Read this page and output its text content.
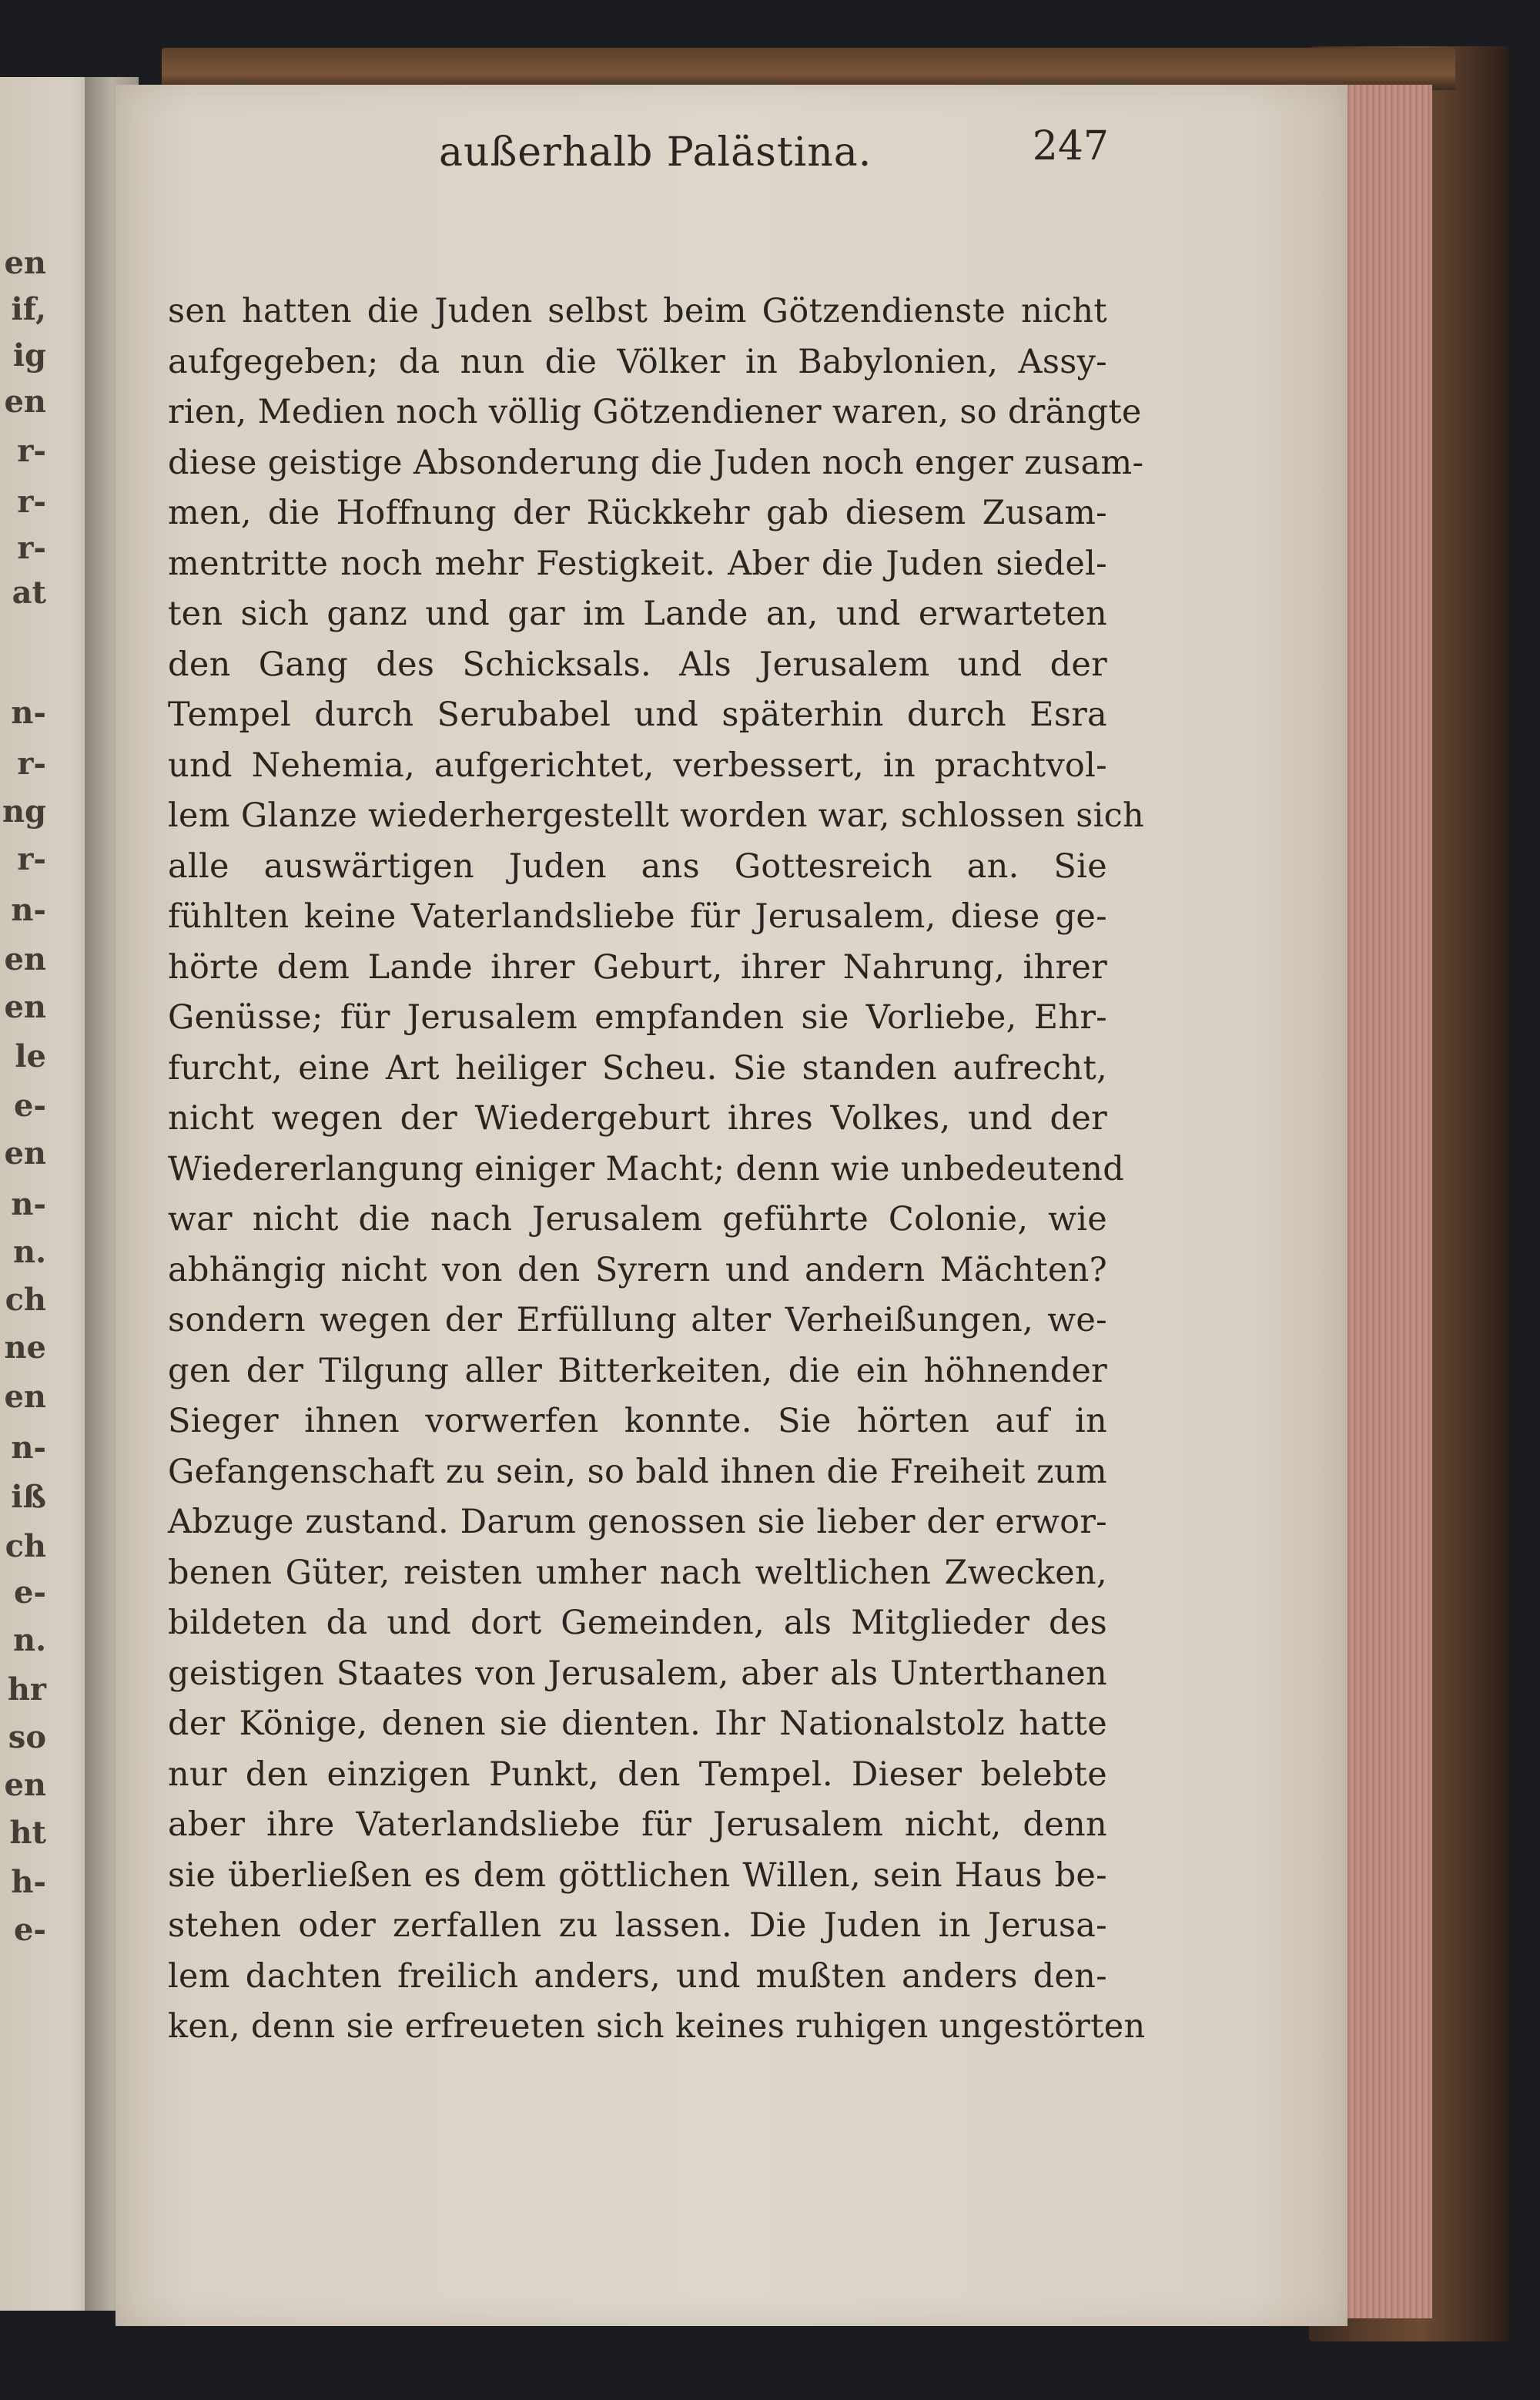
en
if,
ig
en
r-
r-
r-
at
n-
r-
ng
r-
n-
en
en
le
e-
en
n-
n.
ch
ne
en
n-
iß
ch
e-
n.
hr
so
en
ht
h-
e-
außerhalb Palästina.	247
sen hatten die Juden selbst beim Götzendienste nicht
aufgegeben; da nun die Völker in Babylonien, Assy-
rien, Medien noch völlig Götzendiener waren, so drängte
diese geistige Absonderung die Juden noch enger zusam-
men, die Hoffnung der Rückkehr gab diesem Zusam-
mentritte noch mehr Festigkeit. Aber die Juden siedel-
ten sich ganz und gar im Lande an, und erwarteten
den Gang des Schicksals. Als Jerusalem und der
Tempel durch Serubabel und späterhin durch Esra
und Nehemia, aufgerichtet, verbessert, in prachtvol-
lem Glanze wiederhergestellt worden war, schlossen sich
alle auswärtigen Juden ans Gottesreich an. Sie
fühlten keine Vaterlandsliebe für Jerusalem, diese ge-
hörte dem Lande ihrer Geburt, ihrer Nahrung, ihrer
Genüsse; für Jerusalem empfanden sie Vorliebe, Ehr-
furcht, eine Art heiliger Scheu. Sie standen aufrecht,
nicht wegen der Wiedergeburt ihres Volkes, und der
Wiedererlangung einiger Macht; denn wie unbedeutend
war nicht die nach Jerusalem geführte Colonie, wie
abhängig nicht von den Syrern und andern Mächten?
sondern wegen der Erfüllung alter Verheißungen, we-
gen der Tilgung aller Bitterkeiten, die ein höhnender
Sieger ihnen vorwerfen konnte. Sie hörten auf in
Gefangenschaft zu sein, so bald ihnen die Freiheit zum
Abzuge zustand. Darum genossen sie lieber der erwor-
benen Güter, reisten umher nach weltlichen Zwecken,
bildeten da und dort Gemeinden, als Mitglieder des
geistigen Staates von Jerusalem, aber als Unterthanen
der Könige, denen sie dienten. Ihr Nationalstolz hatte
nur den einzigen Punkt, den Tempel. Dieser belebte
aber ihre Vaterlandsliebe für Jerusalem nicht, denn
sie überließen es dem göttlichen Willen, sein Haus be-
stehen oder zerfallen zu lassen. Die Juden in Jerusa-
lem dachten freilich anders, und mußten anders den-
ken, denn sie erfreueten sich keines ruhigen ungestörten
